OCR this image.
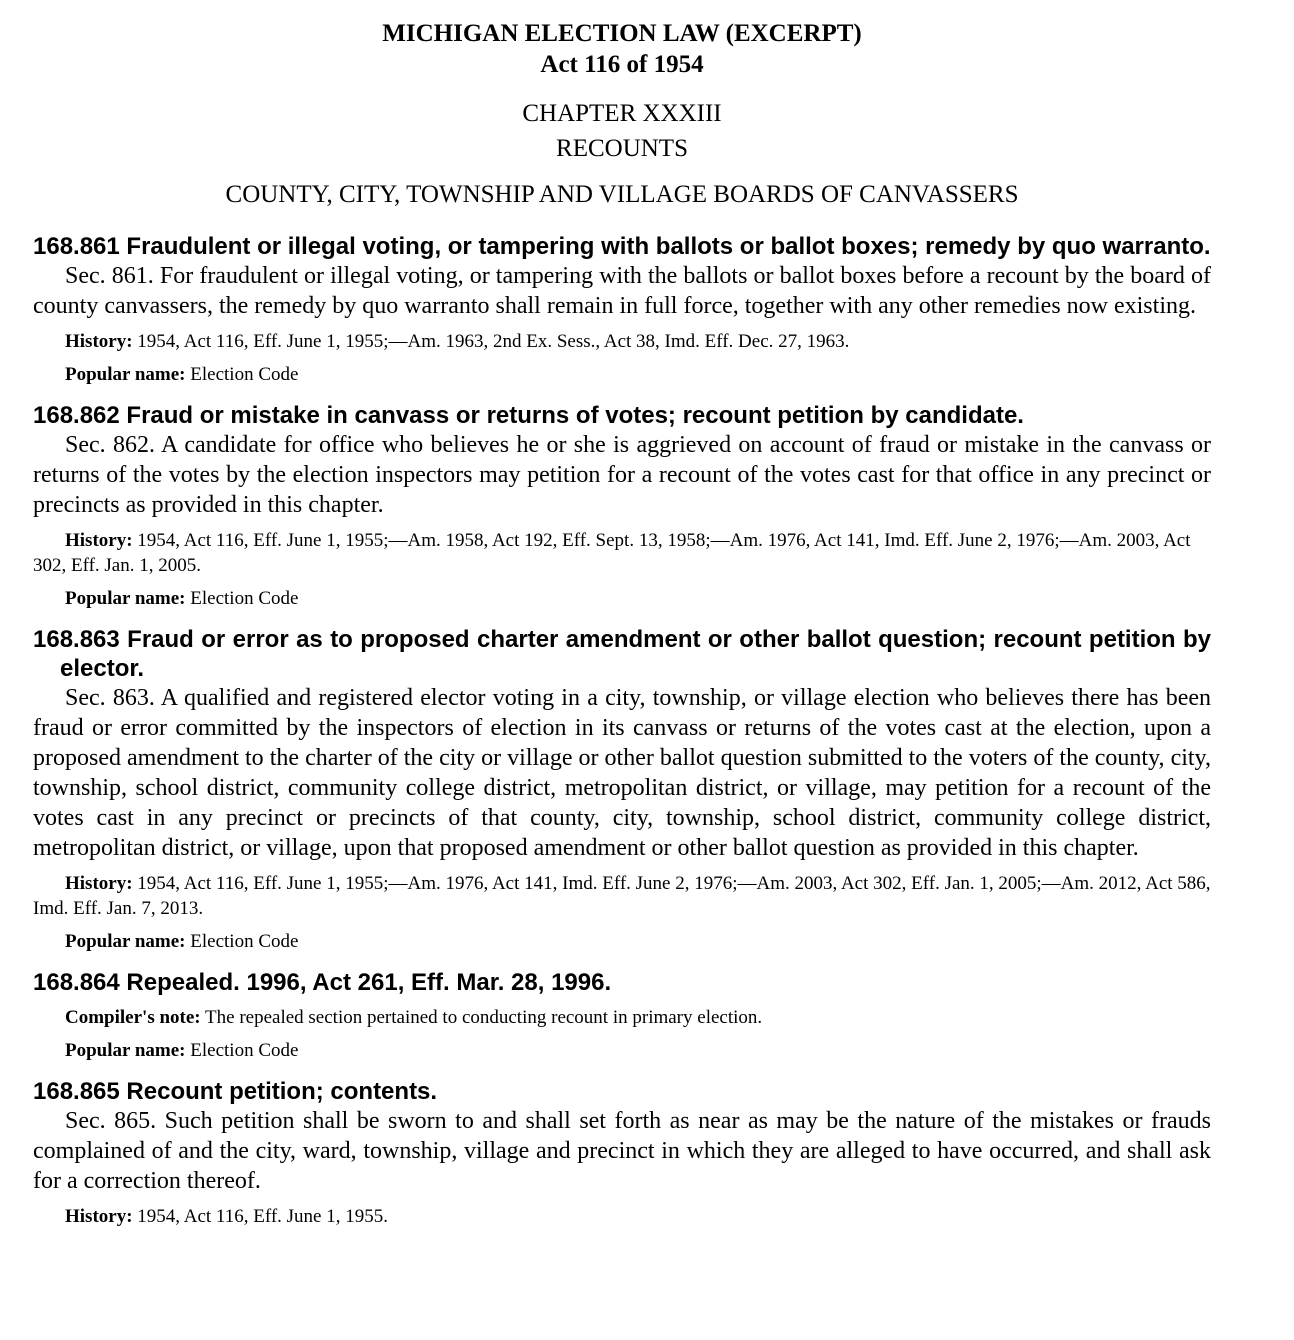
MICHIGAN ELECTION LAW (EXCERPT)
Act 116 of 1954
CHAPTER XXXIII
RECOUNTS
COUNTY, CITY, TOWNSHIP AND VILLAGE BOARDS OF CANVASSERS
168.861 Fraudulent or illegal voting, or tampering with ballots or ballot boxes; remedy by quo warranto.

Sec. 861. For fraudulent or illegal voting, or tampering with the ballots or ballot boxes before a recount by the board of county canvassers, the remedy by quo warranto shall remain in full force, together with any other remedies now existing.

History: 1954, Act 116, Eff. June 1, 1955;—Am. 1963, 2nd Ex. Sess., Act 38, Imd. Eff. Dec. 27, 1963.

Popular name: Election Code

168.862 Fraud or mistake in canvass or returns of votes; recount petition by candidate.

Sec. 862. A candidate for office who believes he or she is aggrieved on account of fraud or mistake in the canvass or returns of the votes by the election inspectors may petition for a recount of the votes cast for that office in any precinct or precincts as provided in this chapter.

History: 1954, Act 116, Eff. June 1, 1955;—Am. 1958, Act 192, Eff. Sept. 13, 1958;—Am. 1976, Act 141, Imd. Eff. June 2, 1976;—Am. 2003, Act 302, Eff. Jan. 1, 2005.

Popular name: Election Code

168.863 Fraud or error as to proposed charter amendment or other ballot question; recount petition by elector.

Sec. 863. A qualified and registered elector voting in a city, township, or village election who believes there has been fraud or error committed by the inspectors of election in its canvass or returns of the votes cast at the election, upon a proposed amendment to the charter of the city or village or other ballot question submitted to the voters of the county, city, township, school district, community college district, metropolitan district, or village, may petition for a recount of the votes cast in any precinct or precincts of that county, city, township, school district, community college district, metropolitan district, or village, upon that proposed amendment or other ballot question as provided in this chapter.

History: 1954, Act 116, Eff. June 1, 1955;—Am. 1976, Act 141, Imd. Eff. June 2, 1976;—Am. 2003, Act 302, Eff. Jan. 1, 2005;—Am. 2012, Act 586, Imd. Eff. Jan. 7, 2013.

Popular name: Election Code

168.864 Repealed. 1996, Act 261, Eff. Mar. 28, 1996.

Compiler's note: The repealed section pertained to conducting recount in primary election.

Popular name: Election Code

168.865 Recount petition; contents.

Sec. 865. Such petition shall be sworn to and shall set forth as near as may be the nature of the mistakes or frauds complained of and the city, ward, township, village and precinct in which they are alleged to have occurred, and shall ask for a correction thereof.

History: 1954, Act 116, Eff. June 1, 1955.
